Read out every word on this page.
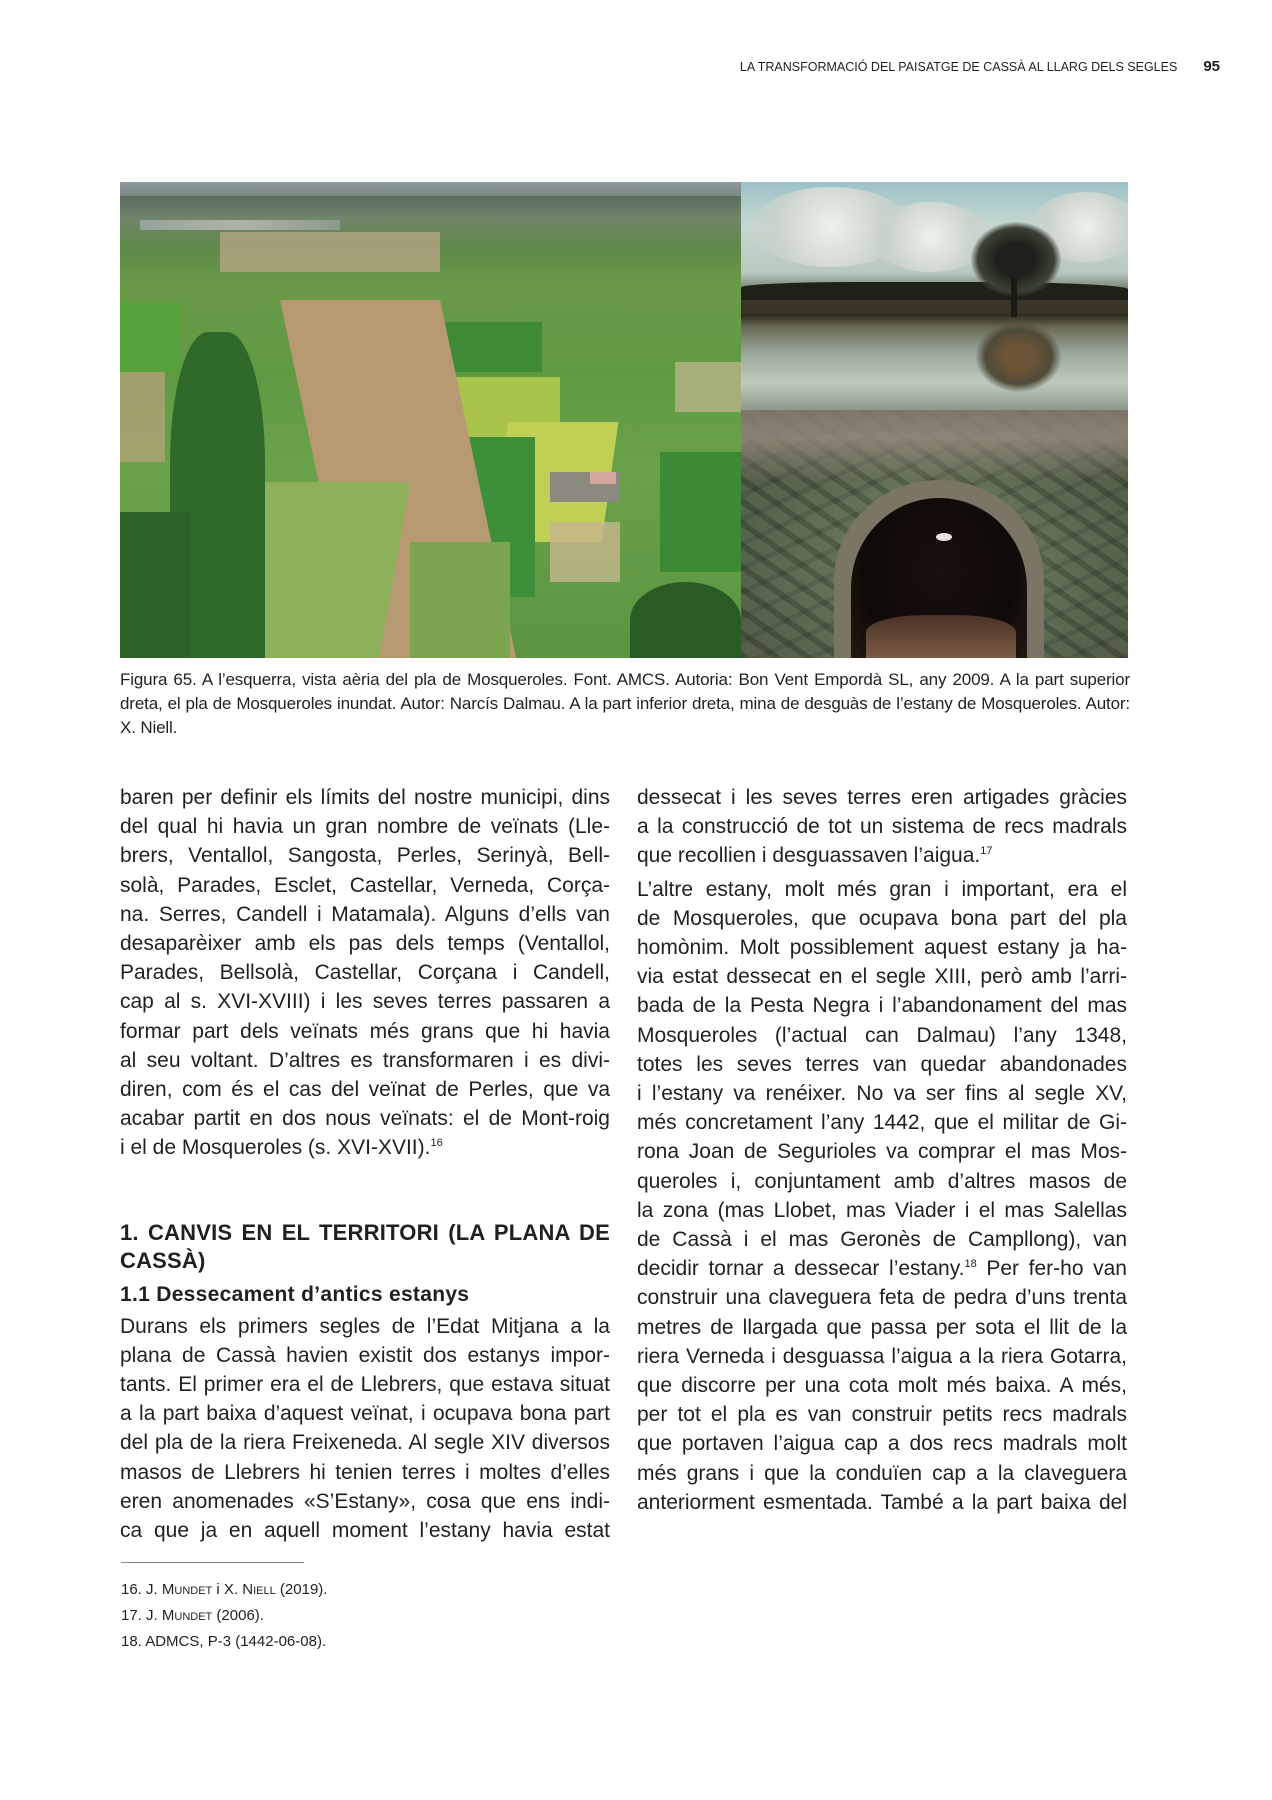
LA TRANSFORMACIÓ DEL PAISATGE DE CASSÀ AL LLARG DELS SEGLES 95

Figura 65. A l’esquerra, vista aèria del pla de Mosqueroles. Font. AMCS. Autoria: Bon Vent Empordà SL, any 2009. A la part superior dreta, el pla de Mosqueroles inundat. Autor: Narcís Dalmau. A la part inferior dreta, mina de desguàs de l’estany de Mosqueroles. Autor: X. Niell.

baren per definir els límits del nostre municipi, dins
del qual hi havia un gran nombre de veïnats (Lle-
brers, Ventallol, Sangosta, Perles, Serinyà, Bell-
solà, Parades, Esclet, Castellar, Verneda, Corça-
na. Serres, Candell i Matamala). Alguns d’ells van
desaparèixer amb els pas dels temps (Ventallol,
Parades, Bellsolà, Castellar, Corçana i Candell,
cap al s. XVI-XVIII) i les seves terres passaren a
formar part dels veïnats més grans que hi havia
al seu voltant. D’altres es transformaren i es divi-
diren, com és el cas del veïnat de Perles, que va
acabar partit en dos nous veïnats: el de Mont-roig
i el de Mosqueroles (s. XVI-XVII).$^{16}$

1. CANVIS EN EL TERRITORI (LA PLANA DE CASSÀ)
1.1 Dessecament d’antics estanys

Durans els primers segles de l’Edat Mitjana a la
plana de Cassà havien existit dos estanys impor-
tants. El primer era el de Llebrers, que estava situat
a la part baixa d’aquest veïnat, i ocupava bona part
del pla de la riera Freixeneda. Al segle XIV diversos
masos de Llebrers hi tenien terres i moltes d’elles
eren anomenades «S’Estany», cosa que ens indi-
ca que ja en aquell moment l’estany havia estat

dessecat i les seves terres eren artigades gràcies
a la construcció de tot un sistema de recs madrals
que recollien i desguassaven l’aigua.$^{17}$

L’altre estany, molt més gran i important, era el
de Mosqueroles, que ocupava bona part del pla
homònim. Molt possiblement aquest estany ja ha-
via estat dessecat en el segle XIII, però amb l’arri-
bada de la Pesta Negra i l’abandonament del mas
Mosqueroles (l’actual can Dalmau) l’any 1348,
totes les seves terres van quedar abandonades
i l’estany va renéixer. No va ser fins al segle XV,
més concretament l’any 1442, que el militar de Gi-
rona Joan de Segurioles va comprar el mas Mos-
queroles i, conjuntament amb d’altres masos de
la zona (mas Llobet, mas Viader i el mas Salellas
de Cassà i el mas Geronès de Campllong), van
decidir tornar a dessecar l’estany.$^{18}$ Per fer-ho van
construir una claveguera feta de pedra d’uns trenta
metres de llargada que passa per sota el llit de la
riera Verneda i desguassa l’aigua a la riera Gotarra,
que discorre per una cota molt més baixa. A més,
per tot el pla es van construir petits recs madrals
que portaven l’aigua cap a dos recs madrals molt
més grans i que la conduïen cap a la claveguera
anteriorment esmentada. També a la part baixa del

16. J. Mundet i X. Niell (2019).
17. J. Mundet (2006).
18. ADMCS, P-3 (1442-06-08).
